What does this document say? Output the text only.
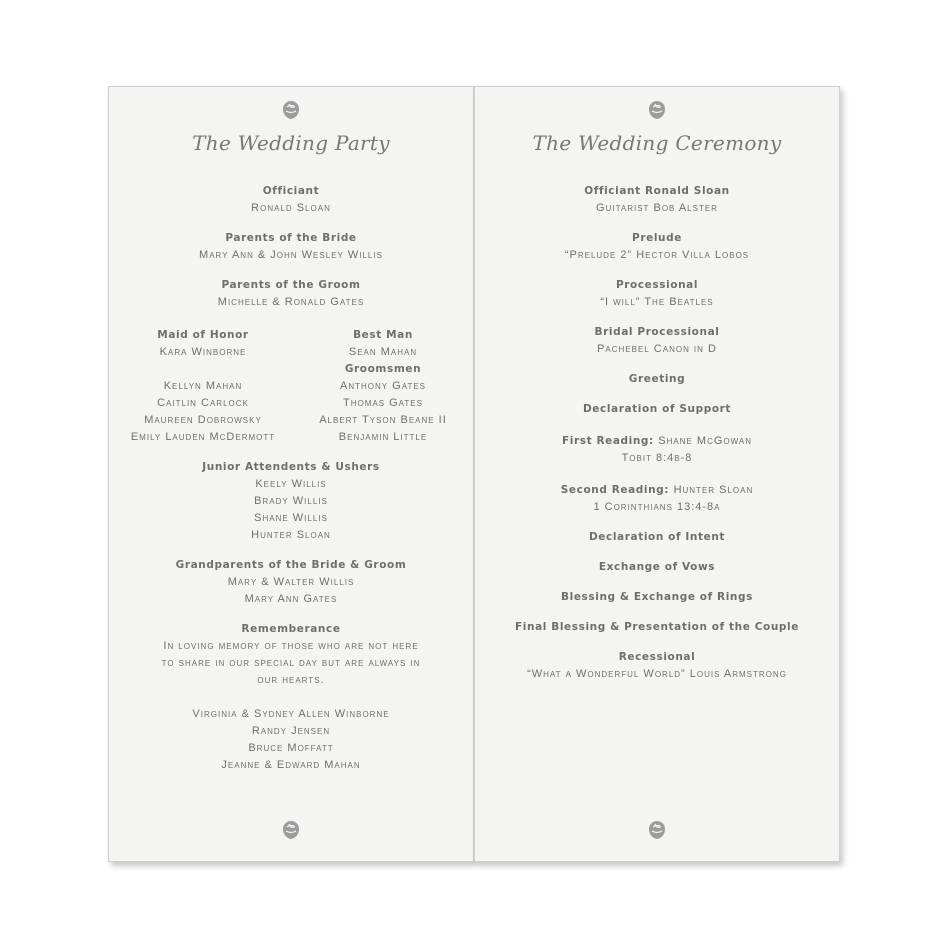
The Wedding Party
Officiant
Ronald Sloan
Parents of the Bride
Mary Ann & John Wesley Willis
Parents of the Groom
Michelle & Ronald Gates
Maid of Honor
Kara Winborne

Kellyn Mahan
Caitlin Carlock
Maureen Dobrowsky
Emily Lauden McDermott
Best Man
Sean Mahan
Groomsmen
Anthony Gates
Thomas Gates
Albert Tyson Beane II
Benjamin Little
Junior Attendents & Ushers
Keely Willis
Brady Willis
Shane Willis
Hunter Sloan
Grandparents of the Bride & Groom
Mary & Walter Willis
Mary Ann Gates
Rememberance
In loving memory of those who are not here
to share in our special day but are always in
our hearts.

Virginia & Sydney Allen Winborne
Randy Jensen
Bruce Moffatt
Jeanne & Edward Mahan
The Wedding Ceremony
Officiant Ronald Sloan
Guitarist Bob Alster
Prelude
“Prelude 2” Hector Villa Lobos
Processional
“I will” The Beatles
Bridal Processional
Pachebel Canon in D
Greeting
Declaration of Support
First Reading: Shane McGowan
Tobit 8:4b-8
Second Reading: Hunter Sloan
1 Corinthians 13:4-8a
Declaration of Intent
Exchange of Vows
Blessing & Exchange of Rings
Final Blessing & Presentation of the Couple
Recessional
“What a Wonderful World” Louis Armstrong
